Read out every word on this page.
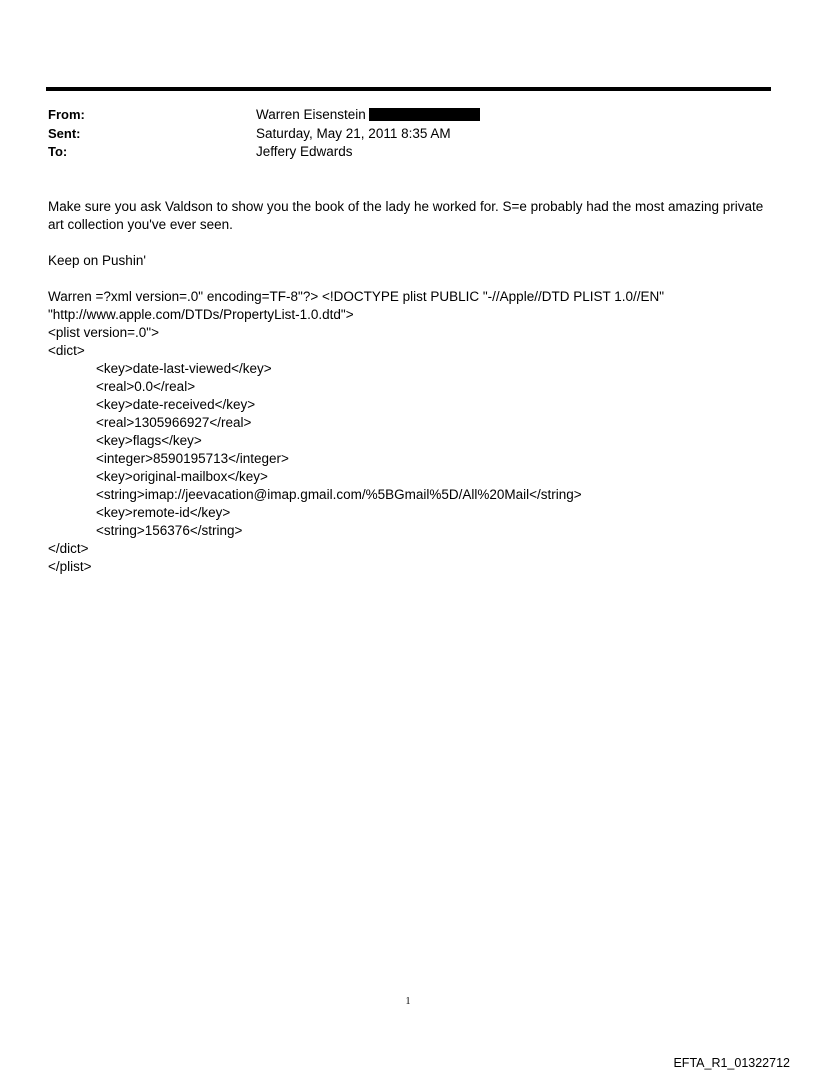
From:	Warren Eisenstein
Sent:	Saturday, May 21, 2011 8:35 AM
To:	Jeffery Edwards
Make sure you ask Valdson to show you the book of the lady he worked for. S=e probably had the most amazing private art collection you've ever seen.
Keep on Pushin'
Warren =?xml version=.0" encoding=TF-8"?> <!DOCTYPE plist PUBLIC "-//Apple//DTD PLIST 1.0//EN" "http://www.apple.com/DTDs/PropertyList-1.0.dtd">
<plist version=.0">
<dict>
<key>date-last-viewed</key>
<real>0.0</real>
<key>date-received</key>
<real>1305966927</real>
<key>flags</key>
<integer>8590195713</integer>
<key>original-mailbox</key>
<string>imap://jeevacation@imap.gmail.com/%5BGmail%5D/All%20Mail</string>
<key>remote-id</key>
<string>156376</string>
</dict>
</plist>
1
EFTA_R1_01322712
